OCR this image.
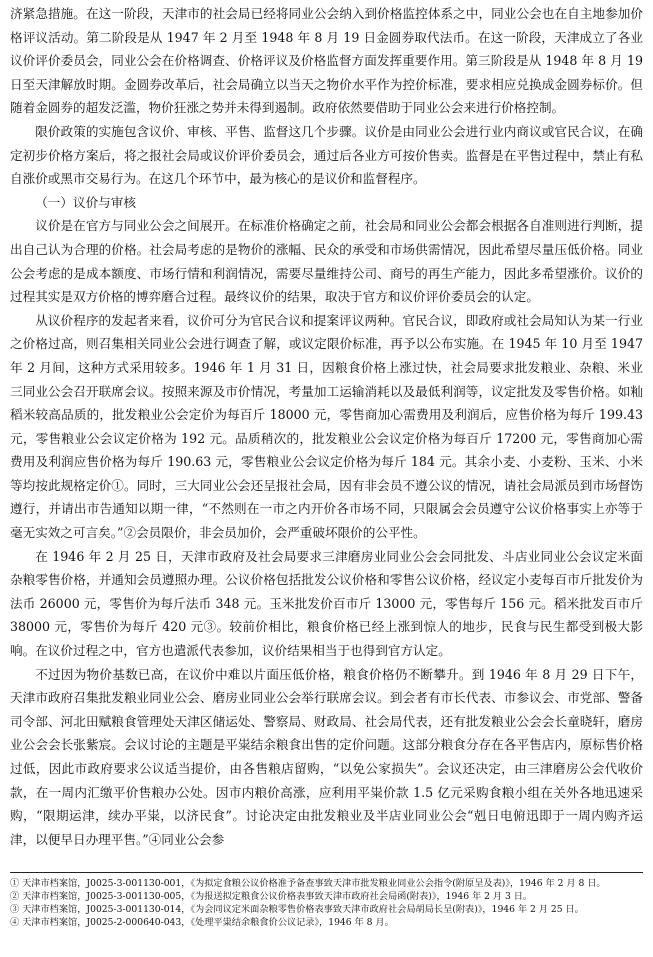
济紧急措施。在这一阶段，天津市的社会局已经将同业公会纳入到价格监控体系之中，同业公会也在自主地参加价格评议活动。第二阶段是从 1947 年 2 月至 1948 年 8 月 19 日金圆券取代法币。在这一阶段，天津成立了各业议价评价委员会，同业公会在价格调查、价格评议及价格监督方面发挥重要作用。第三阶段是从 1948 年 8 月 19 日至天津解放时期。金圆券改革后，社会局确立以当天之物价水平作为控价标准，要求相应兑换成金圆券标价。但随着金圆券的超发泛滥，物价狂涨之势并未得到遏制。政府依然要借助于同业公会来进行价格控制。

限价政策的实施包含议价、审核、平售、监督这几个步骤。议价是由同业公会进行业内商议或官民合议，在确定初步价格方案后，将之报社会局或议价评价委员会，通过后各业方可按价售卖。监督是在平售过程中，禁止有私自涨价或黑市交易行为。在这几个环节中，最为核心的是议价和监督程序。

（一）议价与审核

议价是在官方与同业公会之间展开。在标准价格确定之前，社会局和同业公会都会根据各自准则进行判断，提出自己认为合理的价格。社会局考虑的是物价的涨幅、民众的承受和市场供需情况，因此希望尽量压低价格。同业公会考虑的是成本额度、市场行情和利润情况，需要尽量维持公司、商号的再生产能力，因此多希望涨价。议价的过程其实是双方价格的博弈磨合过程。最终议价的结果，取决于官方和议价评价委员会的认定。

从议价程序的发起者来看，议价可分为官民合议和提案评议两种。官民合议，即政府或社会局知认为某一行业之价格过高，则召集相关同业公会进行调查了解，或议定限价标准，再予以公布实施。在 1945 年 10 月至 1947 年 2 月间，这种方式采用较多。1946 年 1 月 31 日，因粮食价格上涨过快，社会局要求批发粮业、杂粮、米业三同业公会召开联席会议。按照来源及市价情况，考量加工运输消耗以及最低利润等，议定批发及零售价格。如籼稻米较高品质的，批发粮业公会定价为每百斤 18000 元，零售商加心需费用及利润后，应售价格为每斤 199.43 元，零售粮业公会议定价格为 192 元。品质稍次的，批发粮业公会议定价格为每百斤 17200 元，零售商加心需费用及利润应售价格为每斤 190.63 元，零售粮业公会议定价格为每斤 184 元。其余小麦、小麦粉、玉米、小米等均按此规格定价①。同时，三大同业公会还呈报社会局，因有非会员不遵公议的情况，请社会局派员到市场督饬遵行，并请出市告通知以期一律，“不然则在一市之内开价各市场不同，只限属会会员遵守公议价格事实上亦等于毫无实效之可言矣。”②会员限价，非会员加价，会严重破坏限价的公平性。

在 1946 年 2 月 25 日，天津市政府及社会局要求三津磨房业同业公会会同批发、斗店业同业公会议定米面杂粮零售价格，并通知会员遵照办理。公议价格包括批发公议价格和零售公议价格，经议定小麦每百市斤批发价为法币 26000 元，零售价为每斤法币 348 元。玉米批发价百市斤 13000 元，零售每斤 156 元。稻米批发百市斤 38000 元，零售价为每斤 420 元③。较前价相比，粮食价格已经上涨到惊人的地步，民食与民生都受到极大影响。在议价过程之中，官方也遣派代表参加，议价结果相当于也得到官方认定。

不过因为物价基数已高，在议价中难以片面压低价格，粮食价格仍不断攀升。到 1946 年 8 月 29 日下午，天津市政府召集批发粮业同业公会、磨房业同业公会举行联席会议。到会者有市长代表、市参议会、市党部、警备司令部、河北田赋粮食管理处天津区储运处、警察局、财政局、社会局代表，还有批发粮业公会会长童晓轩，磨房业公会会长张紫宸。会议讨论的主题是平粜结余粮食出售的定价问题。这部分粮食分存在各平售店内，原标售价格过低，因此市政府要求公议适当提价，由各售粮店留购，“以免公家损失”。会议还决定，由三津磨房公会代收价款，在一周内汇缴平价售粮办公处。因市内粮价高涨，应利用平粜价款 1.5 亿元采购食粮小组在关外各地迅速采购，“限期运津，续办平粜，以济民食”。讨论决定由批发粮业及半店业同业公会“剋日电俯迅即于一周内购齐运津，以便早日办理平售。”④同业公会参

① 天津市档案馆，J0025-3-001130-001，《为拟定食粮公议价格准予备查事致天津市批发粮业同业公会指令(附原呈及表)》，1946 年 2 月 8 日。

② 天津市档案馆，J0025-3-001130-005，《为报送拟定粮食公议价格表事致天津市政府社会局函(附表)》，1946 年 2 月 3 日。

③ 天津市档案馆，J0025-3-001130-014，《为会同议定米面杂粮零售价格表事致天津市政府社会局胡局长呈(附表)》，1946 年 2 月 25 日。

④ 天津市档案馆，J0025-2-000640-043，《处理平粜结余粮食价公议记录》，1946 年 8 月。
